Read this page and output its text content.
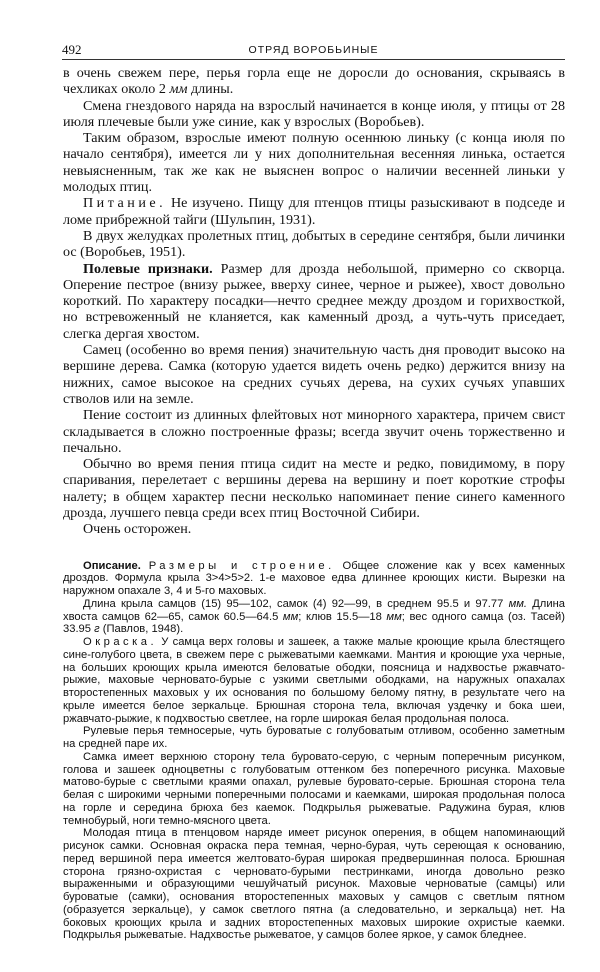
492	ОТРЯД ВОРОБЬИНЫЕ

в очень свежем пере, перья горла еще не доросли до основания, скрываясь в чехликах около 2 мм длины.

Смена гнездового наряда на взрослый начинается в конце июля, у птицы от 28 июля плечевые были уже синие, как у взрослых (Воробьев).

Таким образом, взрослые имеют полную осеннюю линьку (с конца июля по начало сентября), имеется ли у них дополнительная весенняя линька, остается невыясненным, так же как не выяснен вопрос о наличии весенней линьки у молодых птиц.

Питание. Не изучено. Пищу для птенцов птицы разыскивают в подседе и ломе прибрежной тайги (Шульпин, 1931).

В двух желудках пролетных птиц, добытых в середине сентября, были личинки ос (Воробьев, 1951).

Полевые признаки. Размер для дрозда небольшой, примерно со скворца. Оперение пестрое (внизу рыжее, вверху синее, черное и рыжее), хвост довольно короткий. По характеру посадки—нечто среднее между дроздом и горихвосткой, но встревоженный не кланяется, как каменный дрозд, а чуть-чуть приседает, слегка дергая хвостом.

Самец (особенно во время пения) значительную часть дня проводит высоко на вершине дерева. Самка (которую удается видеть очень редко) держится внизу на нижних, самое высокое на средних сучьях дерева, на сухих сучьях упавших стволов или на земле.

Пение состоит из длинных флейтовых нот минорного характера, причем свист складывается в сложно построенные фразы; всегда звучит очень торжественно и печально.

Обычно во время пения птица сидит на месте и редко, повидимому, в пору спаривания, перелетает с вершины дерева на вершину и поет короткие строфы налету; в общем характер песни несколько напоминает пение синего каменного дрозда, лучшего певца среди всех птиц Восточной Сибири.

Очень осторожен.

Описание. Размеры и строение. Общее сложение как у всех каменных дроздов. Формула крыла 3>4>5>2. 1-е маховое едва длиннее кроющих кисти. Вырезки на наружном опахале 3, 4 и 5-го маховых.

Длина крыла самцов (15) 95—102, самок (4) 92—99, в среднем 95.5 и 97.77 мм. Длина хвоста самцов 62—65, самок 60.5—64.5 мм; клюв 15.5—18 мм; вес одного самца (оз. Тасей) 33.95 г (Павлов, 1948).

Окраска. У самца верх головы и зашеек, а также малые кроющие крыла блестящего сине-голубого цвета, в свежем пере с рыжеватыми каемками. Мантия и кроющие уха черные, на больших кроющих крыла имеются беловатые ободки, поясница и надхвостье ржавчато-рыжие, маховые черновато-бурые с узкими светлыми ободками, на наружных опахалах второстепенных маховых у их основания по большому белому пятну, в результате чего на крыле имеется белое зеркальце. Брюшная сторона тела, включая уздечку и бока шеи, ржавчато-рыжие, к подхвостью светлее, на горле широкая белая продольная полоса.

Рулевые перья темносерые, чуть буроватые с голубоватым отливом, особенно заметным на средней паре их.

Самка имеет верхнюю сторону тела буровато-серую, с черным поперечным рисунком, голова и зашеек одноцветны с голубоватым оттенком без поперечного рисунка. Маховые матово-бурые с светлыми краями опахал, рулевые буровато-серые. Брюшная сторона тела белая с широкими черными поперечными полосами и каемками, широкая продольная полоса на горле и середина брюха без каемок. Подкрылья рыжеватые. Радужина бурая, клюв темнобурый, ноги темно-мясного цвета.

Молодая птица в птенцовом наряде имеет рисунок оперения, в общем напоминающий рисунок самки. Основная окраска пера темная, черно-бурая, чуть серeющая к основанию, перед вершиной пера имеется желтовато-бурая широкая предвершинная полоса. Брюшная сторона грязно-охристая с черновато-бурыми пестринками, иногда довольно резко выраженными и образующими чешуйчатый рисунок. Маховые черноватые (самцы) или буроватые (самки), основания второстепенных маховых у самцов с светлым пятном (образуется зеркальце), у самок светлого пятна (а следовательно, и зеркальца) нет. На боковых кроющих крыла и задних второстепенных маховых широкие охристые каемки. Подкрылья рыжеватые. Надхвостье рыжеватое, у самцов более яркое, у самок бледнее.
